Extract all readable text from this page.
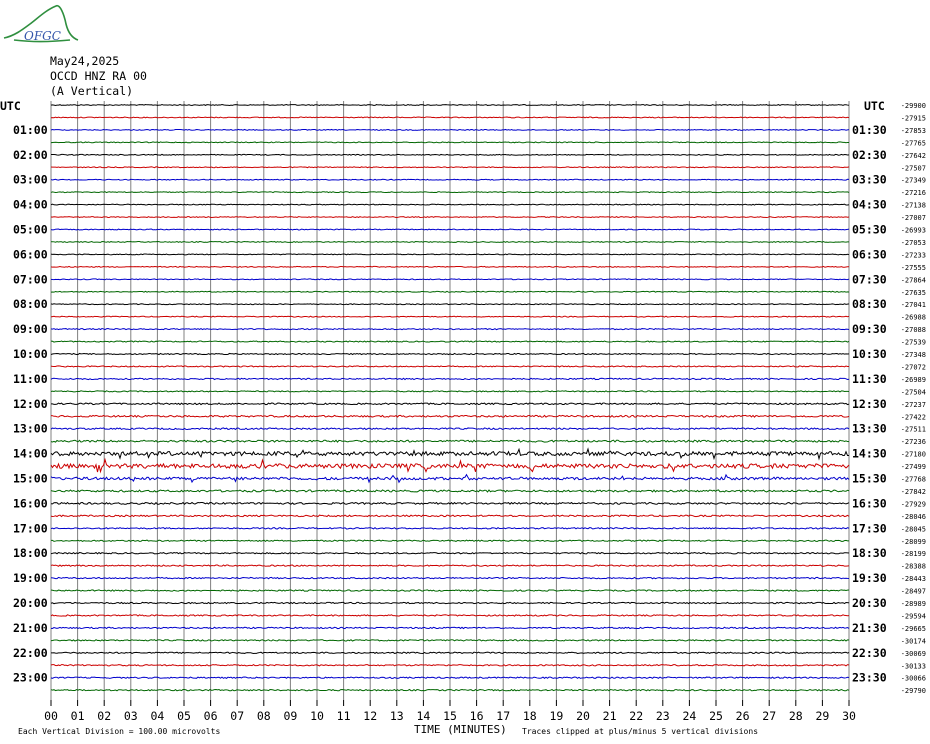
OFGC
May24,2025
OCCD HNZ RA 00
(A Vertical)
UTC	UTC
01:00
02:00
03:00
04:00
05:00
06:00
07:00
08:00
09:00
10:00
11:00
12:00
13:00
14:00
15:00
16:00
17:00
18:00
19:00
20:00
21:00
22:00
23:00
01:30
02:30
03:30
04:30
05:30
06:30
07:30
08:30
09:30
10:30
11:30
12:30
13:30
14:30
15:30
16:30
17:30
18:30
19:30
20:30
21:30
22:30
23:30
-29900
-27915
-27853
-27765
-27642
-27507
-27349
-27216
-27138
-27007
-26993
-27053
-27233
-27555
-27864
-27635
-27041
-26988
-27088
-27539
-27348
-27072
-26989
-27504
-27237
-27422
-27511
-27236
-27180
-27499
-27768
-27842
-27929
-28046
-28045
-28099
-28199
-28388
-28443
-28497
-28989
-29594
-29665
-30174
-30069
-30133
-30066
-29790
00 01 02 03 04 05 06 07 08 09 10 11 12 13 14 15 16 17 18 19 20 21 22 23 24 25 26 27 28 29 30
Each Vertical Division = 100.00 microvolts	TIME (MINUTES) Traces clipped at plus/minus 5 vertical divisions
